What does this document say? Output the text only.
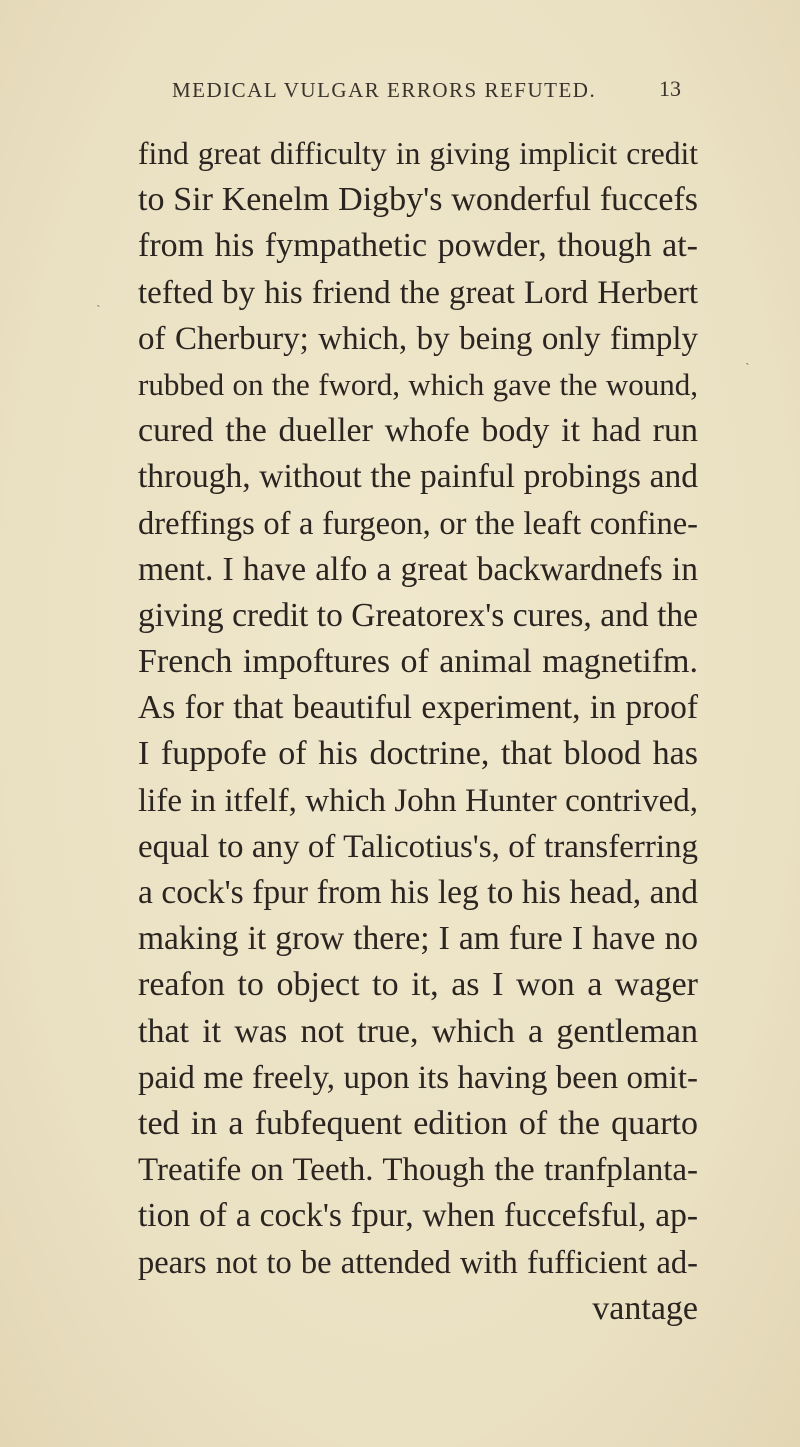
MEDICAL VULGAR ERRORS REFUTED.	13
˴
˴
find great difficulty in giving implicit credit
to Sir Kenelm Digby's wonderful fuccefs
from his fympathetic powder, though at-
tefted by his friend the great Lord Herbert
of Cherbury; which, by being only fimply
rubbed on the fword, which gave the wound,
cured the dueller whofe body it had run
through, without the painful probings and
dreffings of a furgeon, or the leaft confine-
ment. I have alfo a great backwardnefs in
giving credit to Greatorex's cures, and the
French impoftures of animal magnetifm.
As for that beautiful experiment, in proof
I fuppofe of his doctrine, that blood has
life in itfelf, which John Hunter contrived,
equal to any of Talicotius's, of transferring
a cock's fpur from his leg to his head, and
making it grow there; I am fure I have no
reafon to object to it, as I won a wager
that it was not true, which a gentleman
paid me freely, upon its having been omit-
ted in a fubfequent edition of the quarto
Treatife on Teeth. Though the tranfplanta-
tion of a cock's fpur, when fuccefsful, ap-
pears not to be attended with fufficient ad-
vantage
